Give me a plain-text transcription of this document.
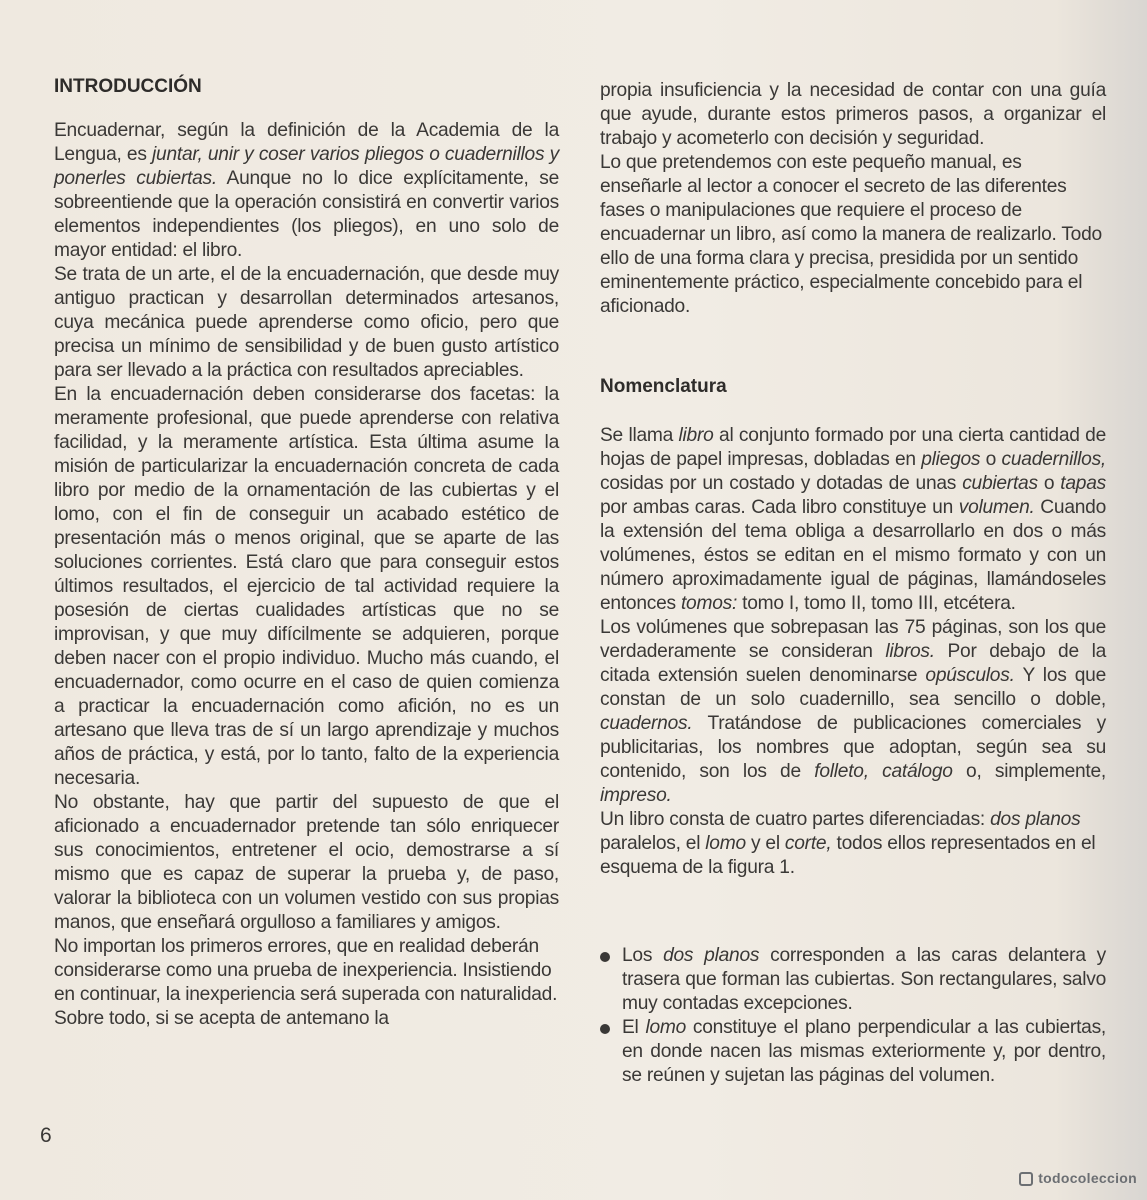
INTRODUCCIÓN

Encuadernar, según la definición de la Academia de la Lengua, es juntar, unir y coser varios pliegos o cuadernillos y ponerles cubiertas. Aunque no lo dice explícitamente, se sobreentiende que la operación consistirá en convertir varios elementos independientes (los pliegos), en uno solo de mayor entidad: el libro.

Se trata de un arte, el de la encuadernación, que desde muy antiguo practican y desarrollan determinados artesanos, cuya mecánica puede aprenderse como oficio, pero que precisa un mínimo de sensibilidad y de buen gusto artístico para ser llevado a la práctica con resultados apreciables.

En la encuadernación deben considerarse dos facetas: la meramente profesional, que puede aprenderse con relativa facilidad, y la meramente artística. Esta última asume la misión de particularizar la encuadernación concreta de cada libro por medio de la ornamentación de las cubiertas y el lomo, con el fin de conseguir un acabado estético de presentación más o menos original, que se aparte de las soluciones corrientes. Está claro que para conseguir estos últimos resultados, el ejercicio de tal actividad requiere la posesión de ciertas cualidades artísticas que no se improvisan, y que muy difícilmente se adquieren, porque deben nacer con el propio individuo. Mucho más cuando, el encuadernador, como ocurre en el caso de quien comienza a practicar la encuadernación como afición, no es un artesano que lleva tras de sí un largo aprendizaje y muchos años de práctica, y está, por lo tanto, falto de la experiencia necesaria.

No obstante, hay que partir del supuesto de que el aficionado a encuadernador pretende tan sólo enriquecer sus conocimientos, entretener el ocio, demostrarse a sí mismo que es capaz de superar la prueba y, de paso, valorar la biblioteca con un volumen vestido con sus propias manos, que enseñará orgulloso a familiares y amigos.

No importan los primeros errores, que en realidad deberán considerarse como una prueba de inexperiencia. Insistiendo en continuar, la inexperiencia será superada con naturalidad. Sobre todo, si se acepta de antemano la

propia insuficiencia y la necesidad de contar con una guía que ayude, durante estos primeros pasos, a organizar el trabajo y acometerlo con decisión y seguridad.

Lo que pretendemos con este pequeño manual, es enseñarle al lector a conocer el secreto de las diferentes fases o manipulaciones que requiere el proceso de encuadernar un libro, así como la manera de realizarlo. Todo ello de una forma clara y precisa, presidida por un sentido eminentemente práctico, especialmente concebido para el aficionado.

Nomenclatura

Se llama libro al conjunto formado por una cierta cantidad de hojas de papel impresas, dobladas en pliegos o cuadernillos, cosidas por un costado y dotadas de unas cubiertas o tapas por ambas caras. Cada libro constituye un volumen. Cuando la extensión del tema obliga a desarrollarlo en dos o más volúmenes, éstos se editan en el mismo formato y con un número aproximadamente igual de páginas, llamándoseles entonces tomos: tomo I, tomo II, tomo III, etcétera.

Los volúmenes que sobrepasan las 75 páginas, son los que verdaderamente se consideran libros. Por debajo de la citada extensión suelen denominarse opúsculos. Y los que constan de un solo cuadernillo, sea sencillo o doble, cuadernos. Tratándose de publicaciones comerciales y publicitarias, los nombres que adoptan, según sea su contenido, son los de folleto, catálogo o, simplemente, impreso.

Un libro consta de cuatro partes diferenciadas: dos planos paralelos, el lomo y el corte, todos ellos representados en el esquema de la figura 1.

Los dos planos corresponden a las caras delantera y trasera que forman las cubiertas. Son rectangulares, salvo muy contadas excepciones.
El lomo constituye el plano perpendicular a las cubiertas, en donde nacen las mismas exteriormente y, por dentro, se reúnen y sujetan las páginas del volumen.
6
todocoleccion
